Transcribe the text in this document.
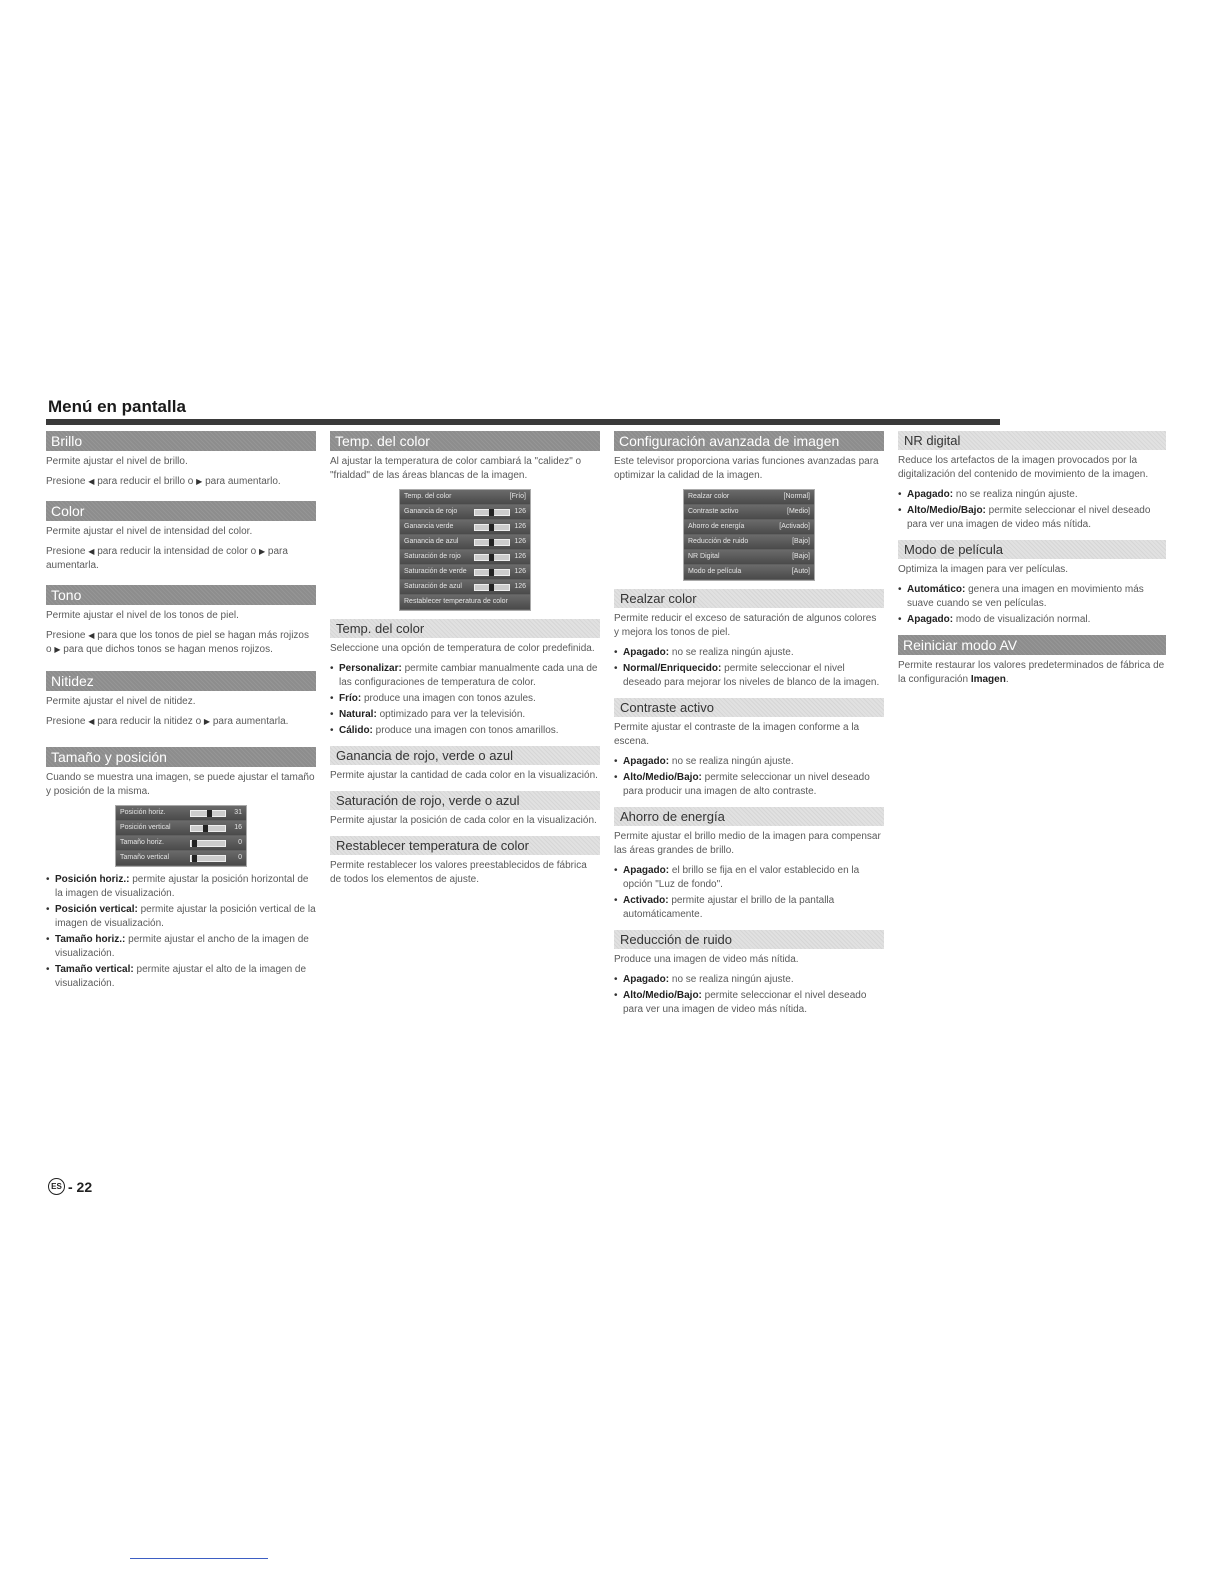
Menú en pantalla
Brillo

Permite ajustar el nivel de brillo.

Presione ◀ para reducir el brillo o ▶ para aumentarlo.

Color

Permite ajustar el nivel de intensidad del color.

Presione ◀ para reducir la intensidad de color o ▶ para aumentarla.

Tono

Permite ajustar el nivel de los tonos de piel.

Presione ◀ para que los tonos de piel se hagan más rojizos o ▶ para que dichos tonos se hagan menos rojizos.

Nitidez

Permite ajustar el nivel de nitidez.

Presione ◀ para reducir la nitidez o ▶ para aumentarla.

Tamaño y posición

Cuando se muestra una imagen, se puede ajustar el tamaño y posición de la misma.

Posición horiz.	31
Posición vertical	16
Tamaño horiz.	0
Tamaño vertical	0
• Posición horiz.: permite ajustar la posición horizontal de la imagen de visualización.
• Posición vertical: permite ajustar la posición vertical de la imagen de visualización.
• Tamaño horiz.: permite ajustar el ancho de la imagen de visualización.
• Tamaño vertical: permite ajustar el alto de la imagen de visualización.
Temp. del color

Al ajustar la temperatura de color cambiará la "calidez" o "frialdad" de las áreas blancas de la imagen.

Temp. del color	[Frío]
Ganancia de rojo	126
Ganancia verde	126
Ganancia de azul	126
Saturación de rojo	126
Saturación de verde	126
Saturación de azul	126
Restablecer temperatura de color
Temp. del color

Seleccione una opción de temperatura de color predefinida.

• Personalizar: permite cambiar manualmente cada una de las configuraciones de temperatura de color.
• Frío: produce una imagen con tonos azules.
• Natural: optimizado para ver la televisión.
• Cálido: produce una imagen con tonos amarillos.
Ganancia de rojo, verde o azul

Permite ajustar la cantidad de cada color en la visualización.

Saturación de rojo, verde o azul

Permite ajustar la posición de cada color en la visualización.

Restablecer temperatura de color

Permite restablecer los valores preestablecidos de fábrica de todos los elementos de ajuste.

Configuración avanzada de imagen

Este televisor proporciona varias funciones avanzadas para optimizar la calidad de la imagen.

Realzar color	[Normal]
Contraste activo	[Medio]
Ahorro de energía	[Activado]
Reducción de ruido	[Bajo]
NR Digital	[Bajo]
Modo de película	[Auto]
Realzar color

Permite reducir el exceso de saturación de algunos colores y mejora los tonos de piel.

• Apagado: no se realiza ningún ajuste.
• Normal/Enriquecido: permite seleccionar el nivel deseado para mejorar los niveles de blanco de la imagen.
Contraste activo

Permite ajustar el contraste de la imagen conforme a la escena.

• Apagado: no se realiza ningún ajuste.
• Alto/Medio/Bajo: permite seleccionar un nivel deseado para producir una imagen de alto contraste.
Ahorro de energía

Permite ajustar el brillo medio de la imagen para compensar las áreas grandes de brillo.

• Apagado: el brillo se fija en el valor establecido en la opción "Luz de fondo".
• Activado: permite ajustar el brillo de la pantalla automáticamente.
Reducción de ruido

Produce una imagen de video más nítida.

• Apagado: no se realiza ningún ajuste.
• Alto/Medio/Bajo: permite seleccionar el nivel deseado para ver una imagen de video más nítida.
NR digital

Reduce los artefactos de la imagen provocados por la digitalización del contenido de movimiento de la imagen.

• Apagado: no se realiza ningún ajuste.
• Alto/Medio/Bajo: permite seleccionar el nivel deseado para ver una imagen de video más nítida.
Modo de película

Optimiza la imagen para ver películas.

• Automático: genera una imagen en movimiento más suave cuando se ven películas.
• Apagado: modo de visualización normal.
Reiniciar modo AV

Permite restaurar los valores predeterminados de fábrica de la configuración Imagen.

ES - 22
